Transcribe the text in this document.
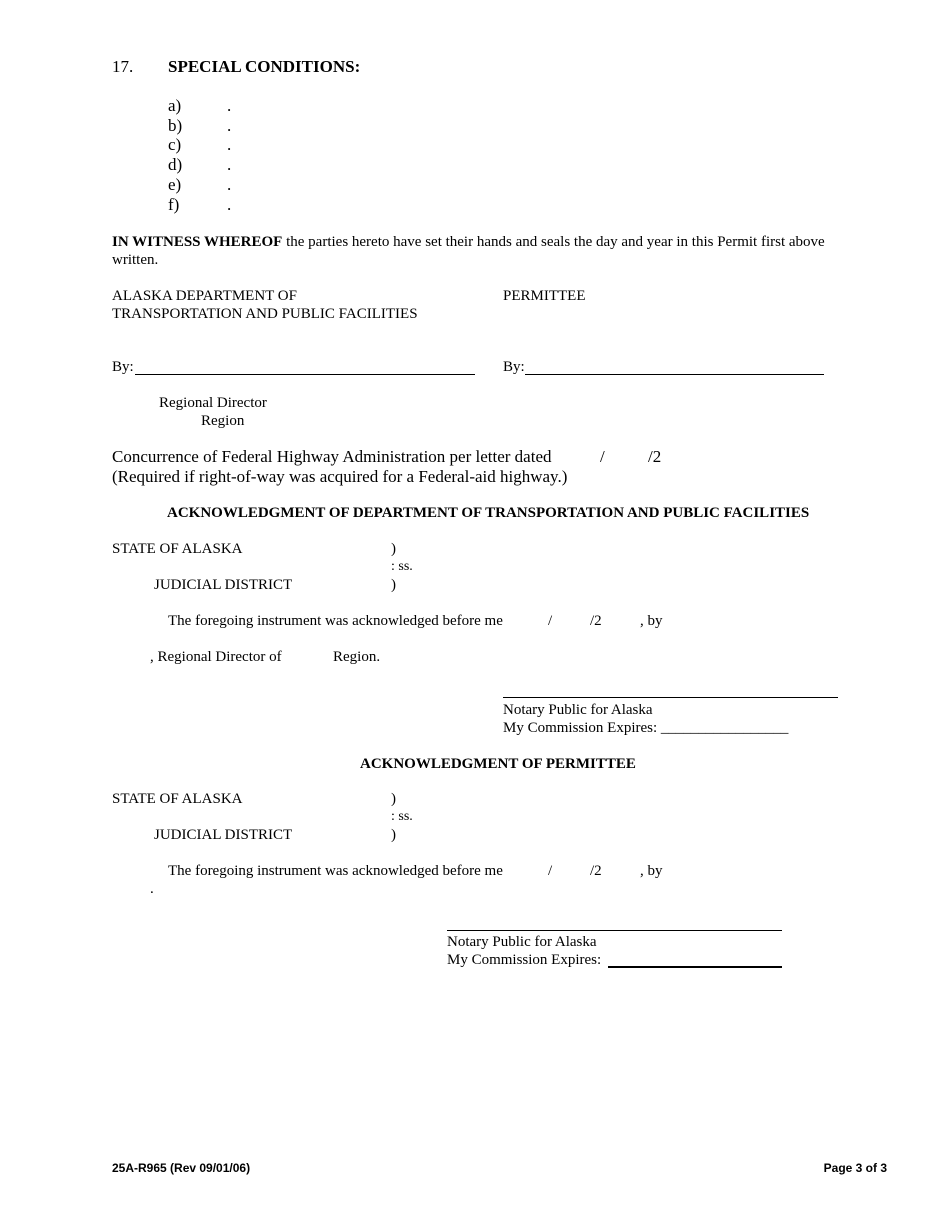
17. SPECIAL CONDITIONS:
a)	.
b)	.
c)	.
d)	.
e)	.
f)	.
IN WITNESS WHEREOF the parties hereto have set their hands and seals the day and year in this Permit first above
written.
ALASKA DEPARTMENT OF
TRANSPORTATION AND PUBLIC FACILITIES
PERMITTEE
By:	By:
Regional Director
Region
Concurrence of Federal Highway Administration per letter dated	/	/2
(Required if right-of-way was acquired for a Federal-aid highway.)
ACKNOWLEDGMENT OF DEPARTMENT OF TRANSPORTATION AND PUBLIC FACILITIES
STATE OF ALASKA	)
: ss.
JUDICIAL DISTRICT	)
The foregoing instrument was acknowledged before me	/	/2	, by
, Regional Director of	Region.
Notary Public for Alaska
My Commission Expires: _________________
ACKNOWLEDGMENT OF PERMITTEE
STATE OF ALASKA	)
: ss.
JUDICIAL DISTRICT	)
The foregoing instrument was acknowledged before me	/	/2	, by
.
Notary Public for Alaska
My Commission Expires:
25A-R965 (Rev 09/01/06)	Page 3 of 3
